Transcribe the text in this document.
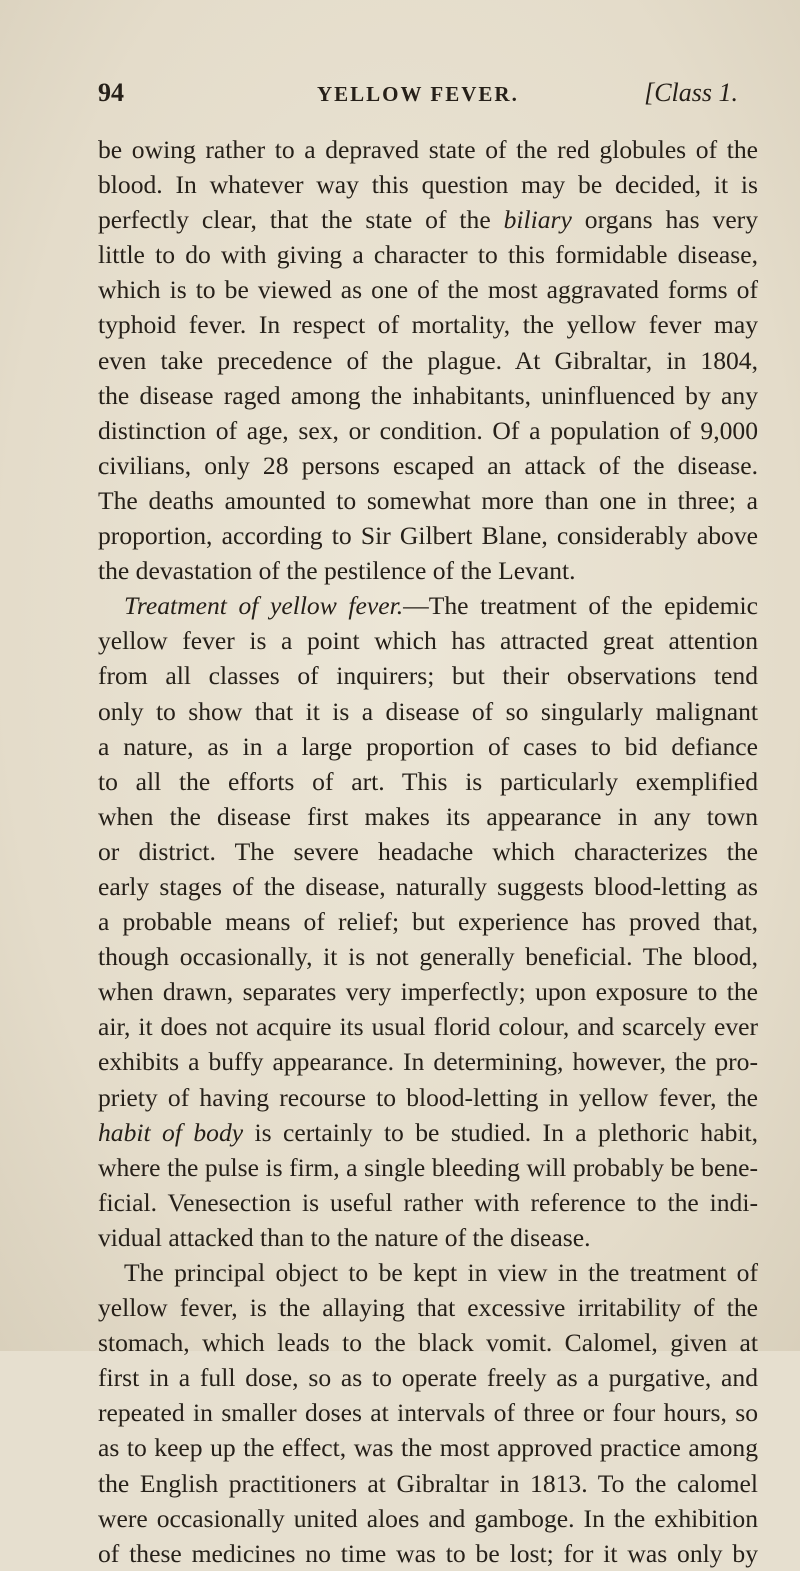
94	YELLOW FEVER.	[Class 1.

be owing rather to a depraved state of the red globules of the

blood. In whatever way this question may be decided, it is

perfectly clear, that the state of the biliary organs has very

little to do with giving a character to this formidable disease,

which is to be viewed as one of the most aggravated forms of

typhoid fever. In respect of mortality, the yellow fever may

even take precedence of the plague. At Gibraltar, in 1804,

the disease raged among the inhabitants, uninfluenced by any

distinction of age, sex, or condition. Of a population of 9,000

civilians, only 28 persons escaped an attack of the disease.

The deaths amounted to somewhat more than one in three; a

proportion, according to Sir Gilbert Blane, considerably above

the devastation of the pestilence of the Levant.

Treatment of yellow fever.—The treatment of the epidemic

yellow fever is a point which has attracted great attention

from all classes of inquirers; but their observations tend

only to show that it is a disease of so singularly malignant

a nature, as in a large proportion of cases to bid defiance

to all the efforts of art. This is particularly exemplified

when the disease first makes its appearance in any town

or district. The severe headache which characterizes the

early stages of the disease, naturally suggests blood-letting as

a probable means of relief; but experience has proved that,

though occasionally, it is not generally beneficial. The blood,

when drawn, separates very imperfectly; upon exposure to the

air, it does not acquire its usual florid colour, and scarcely ever

exhibits a buffy appearance. In determining, however, the pro-

priety of having recourse to blood-letting in yellow fever, the

habit of body is certainly to be studied. In a plethoric habit,

where the pulse is firm, a single bleeding will probably be bene-

ficial. Venesection is useful rather with reference to the indi-

vidual attacked than to the nature of the disease.

The principal object to be kept in view in the treatment of

yellow fever, is the allaying that excessive irritability of the

stomach, which leads to the black vomit. Calomel, given at

first in a full dose, so as to operate freely as a purgative, and

repeated in smaller doses at intervals of three or four hours, so

as to keep up the effect, was the most approved practice among

the English practitioners at Gibraltar in 1813. To the calomel

were occasionally united aloes and gamboge. In the exhibition

of these medicines no time was to be lost; for it was only by
